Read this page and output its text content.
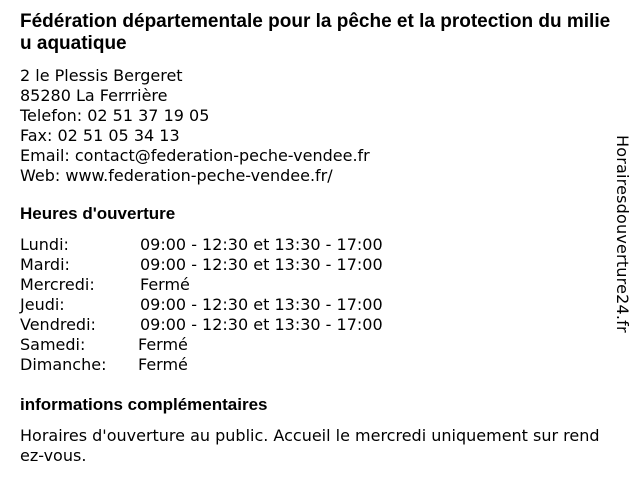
Fédération départementale pour la pêche et la protection du milieu aquatique
2 le Plessis Bergeret
85280 La Ferrrière
Telefon: 02 51 37 19 05
Fax: 02 51 05 34 13
Email: contact@federation-peche-vendee.fr
Web: www.federation-peche-vendee.fr/
Heures d'ouverture
Lundi:	09:00 - 12:30 et 13:30 - 17:00
Mardi:	09:00 - 12:30 et 13:30 - 17:00
Mercredi:	Fermé
Jeudi:	09:00 - 12:30 et 13:30 - 17:00
Vendredi:	09:00 - 12:30 et 13:30 - 17:00
Samedi:	Fermé
Dimanche: Fermé
informations complémentaires
Horaires d'ouverture au public. Accueil le mercredi uniquement sur rendez-vous.
Horairesdouverture24.fr
